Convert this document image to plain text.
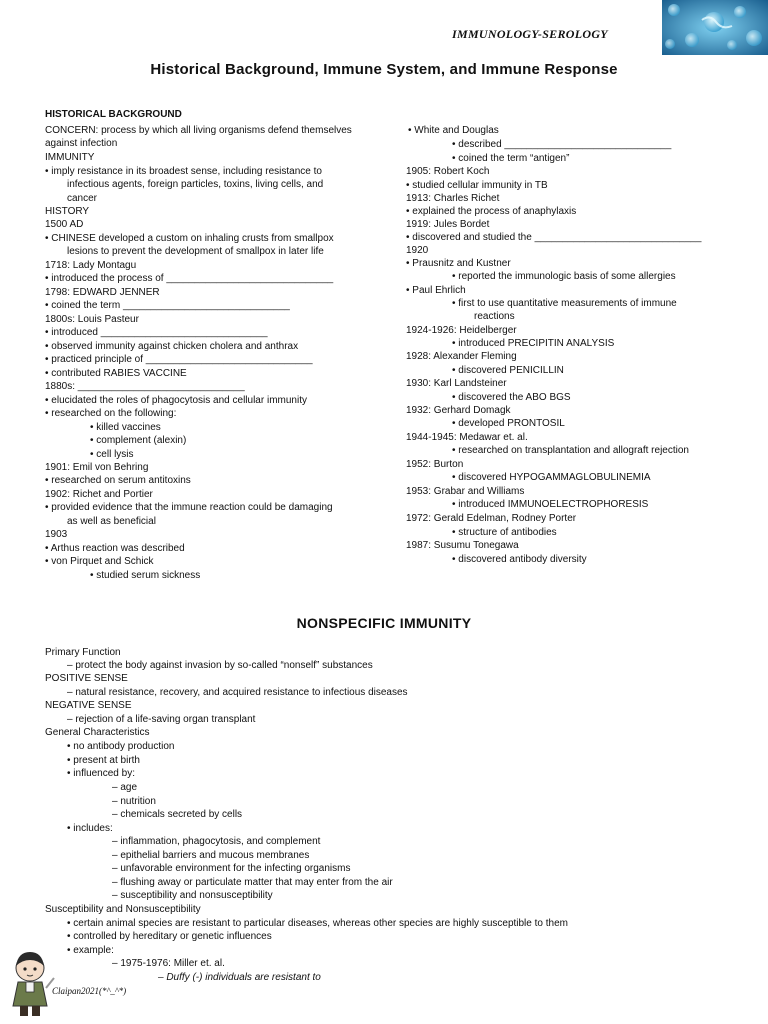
IMMUNOLOGY-SEROLOGY
Historical Background, Immune System, and Immune Response
HISTORICAL BACKGROUND
CONCERN: process by which all living organisms defend themselves
against infection
IMMUNITY
• imply resistance in its broadest sense, including resistance to
infectious agents, foreign particles, toxins, living cells, and
cancer
HISTORY
1500 AD
• CHINESE developed a custom on inhaling crusts from smallpox
lesions to prevent the development of smallpox in later life
1718: Lady Montagu
• introduced the process of ______________________________
1798: EDWARD JENNER
• coined the term ______________________________
1800s: Louis Pasteur
• introduced ______________________________
• observed immunity against chicken cholera and anthrax
• practiced principle of ______________________________
• contributed RABIES VACCINE
1880s: ______________________________
• elucidated the roles of phagocytosis and cellular immunity
• researched on the following:
• killed vaccines
• complement (alexin)
• cell lysis
1901: Emil von Behring
• researched on serum antitoxins
1902: Richet and Portier
• provided evidence that the immune reaction could be damaging
as well as beneficial
1903
• Arthus reaction was described
• von Pirquet and Schick
• studied serum sickness
• White and Douglas
• described ______________________________
• coined the term “antigen”
1905: Robert Koch
• studied cellular immunity in TB
1913: Charles Richet
• explained the process of anaphylaxis
1919: Jules Bordet
• discovered and studied the ______________________________
1920
• Prausnitz and Kustner
• reported the immunologic basis of some allergies
• Paul Ehrlich
• first to use quantitative measurements of immune
reactions
1924-1926: Heidelberger
• introduced PRECIPITIN ANALYSIS
1928: Alexander Fleming
• discovered PENICILLIN
1930: Karl Landsteiner
• discovered the ABO BGS
1932: Gerhard Domagk
• developed PRONTOSIL
1944-1945: Medawar et. al.
• researched on transplantation and allograft rejection
1952: Burton
• discovered HYPOGAMMAGLOBULINEMIA
1953: Grabar and Williams
• introduced IMMUNOELECTROPHORESIS
1972: Gerald Edelman, Rodney Porter
• structure of antibodies
1987: Susumu Tonegawa
• discovered antibody diversity
NONSPECIFIC IMMUNITY
Primary Function
– protect the body against invasion by so-called “nonself” substances
POSITIVE SENSE
– natural resistance, recovery, and acquired resistance to infectious diseases
NEGATIVE SENSE
– rejection of a life-saving organ transplant
General Characteristics
• no antibody production
• present at birth
• influenced by:
– age
– nutrition
– chemicals secreted by cells
• includes:
– inflammation, phagocytosis, and complement
– epithelial barriers and mucous membranes
– unfavorable environment for the infecting organisms
– flushing away or particulate matter that may enter from the air
– susceptibility and nonsusceptibility
Susceptibility and Nonsusceptibility
• certain animal species are resistant to particular diseases, whereas other species are highly susceptible to them
• controlled by hereditary or genetic influences
• example:
– 1975-1976: Miller et. al.
– Duffy (-) individuals are resistant to
Claipan2021(*^_^*)
